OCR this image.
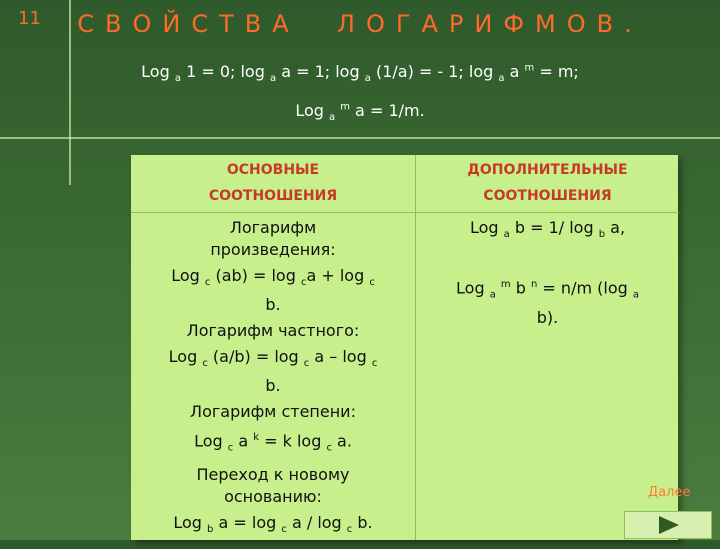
11	СВОЙСТВА  ЛОГАРИФМОВ.
Log $_a$ 1 = 0; log $_a$ a = 1; log $_a$ (1/a) = - 1; log $_a$ a $^m$ = m;
Log $_a$ $^m$ a = 1/m.
ОСНОВНЫЕ
СООТНОШЕНИЯ
Логарифм
произведения:
Log $_c$ (ab) = log $_c$a + log $_c$
b.
Логарифм частного:
Log $_c$ (a/b) = log $_c$ a – log $_c$
b.
Логарифм степени:
Log $_c$ a $^k$ = k log $_c$ a.
Переход к новому
основанию:
Log $_b$ a = log $_c$ a / log $_c$ b.
ДОПОЛНИТЕЛЬНЫЕ
СООТНОШЕНИЯ
Log $_a$ b = 1/ log $_b$ a,
Log $_a$ $^m$ b $^n$ = n/m (log $_a$
b).
Далее
